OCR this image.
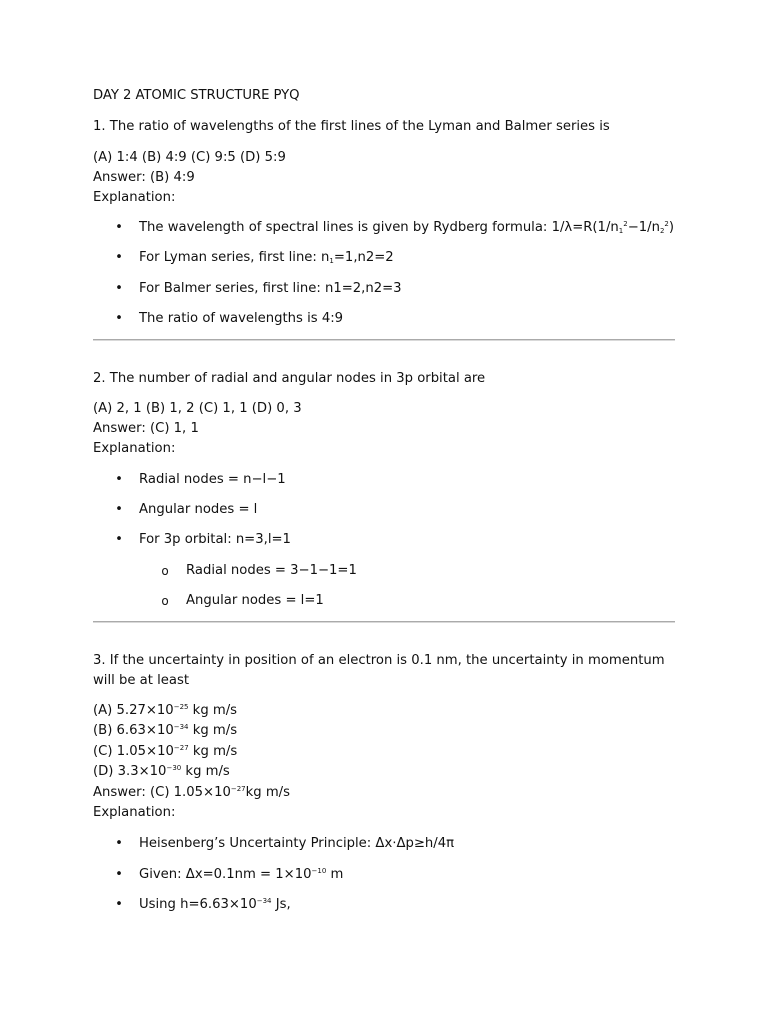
DAY 2 ATOMIC STRUCTURE PYQ
1. The ratio of wavelengths of the first lines of the Lyman and Balmer series is
(A) 1:4 (B) 4:9 (C) 9:5 (D) 5:9
Answer: (B) 4:9
Explanation:
• The wavelength of spectral lines is given by Rydberg formula: $1/\lambda=R(1/n_1^2-1/n_2^2)$
• For Lyman series, first line: $n_1=1,n2=2$
• For Balmer series, first line: n1=2,n2=3
• The ratio of wavelengths is 4:9
2. The number of radial and angular nodes in 3p orbital are
(A) 2, 1 (B) 1, 2 (C) 1, 1 (D) 0, 3
Answer: (C) 1, 1
Explanation:
• Radial nodes = n−l−1
• Angular nodes = l
• For 3p orbital: n=3,l=1
o Radial nodes = 3−1−1=1
o Angular nodes = l=1
3. If the uncertainty in position of an electron is 0.1 nm, the uncertainty in momentum will be at least
(A) $5.27\times 10^{-25}$ kg m/s
(B) $6.63\times 10^{-34}$ kg m/s
(C) $1.05\times 10^{-27}$ kg m/s
(D) $3.3\times 10^{-30}$ kg m/s
Answer: (C) $1.05\times 10^{-27}kg$ m/s
Explanation:
• Heisenberg’s Uncertainty Principle: Δx⋅Δp≥h/4π
• Given: $\Delta x=0.1nm = 1\times 10^{-10}$ m
• Using $h=6.63\times 10^{-34}$ Js,
